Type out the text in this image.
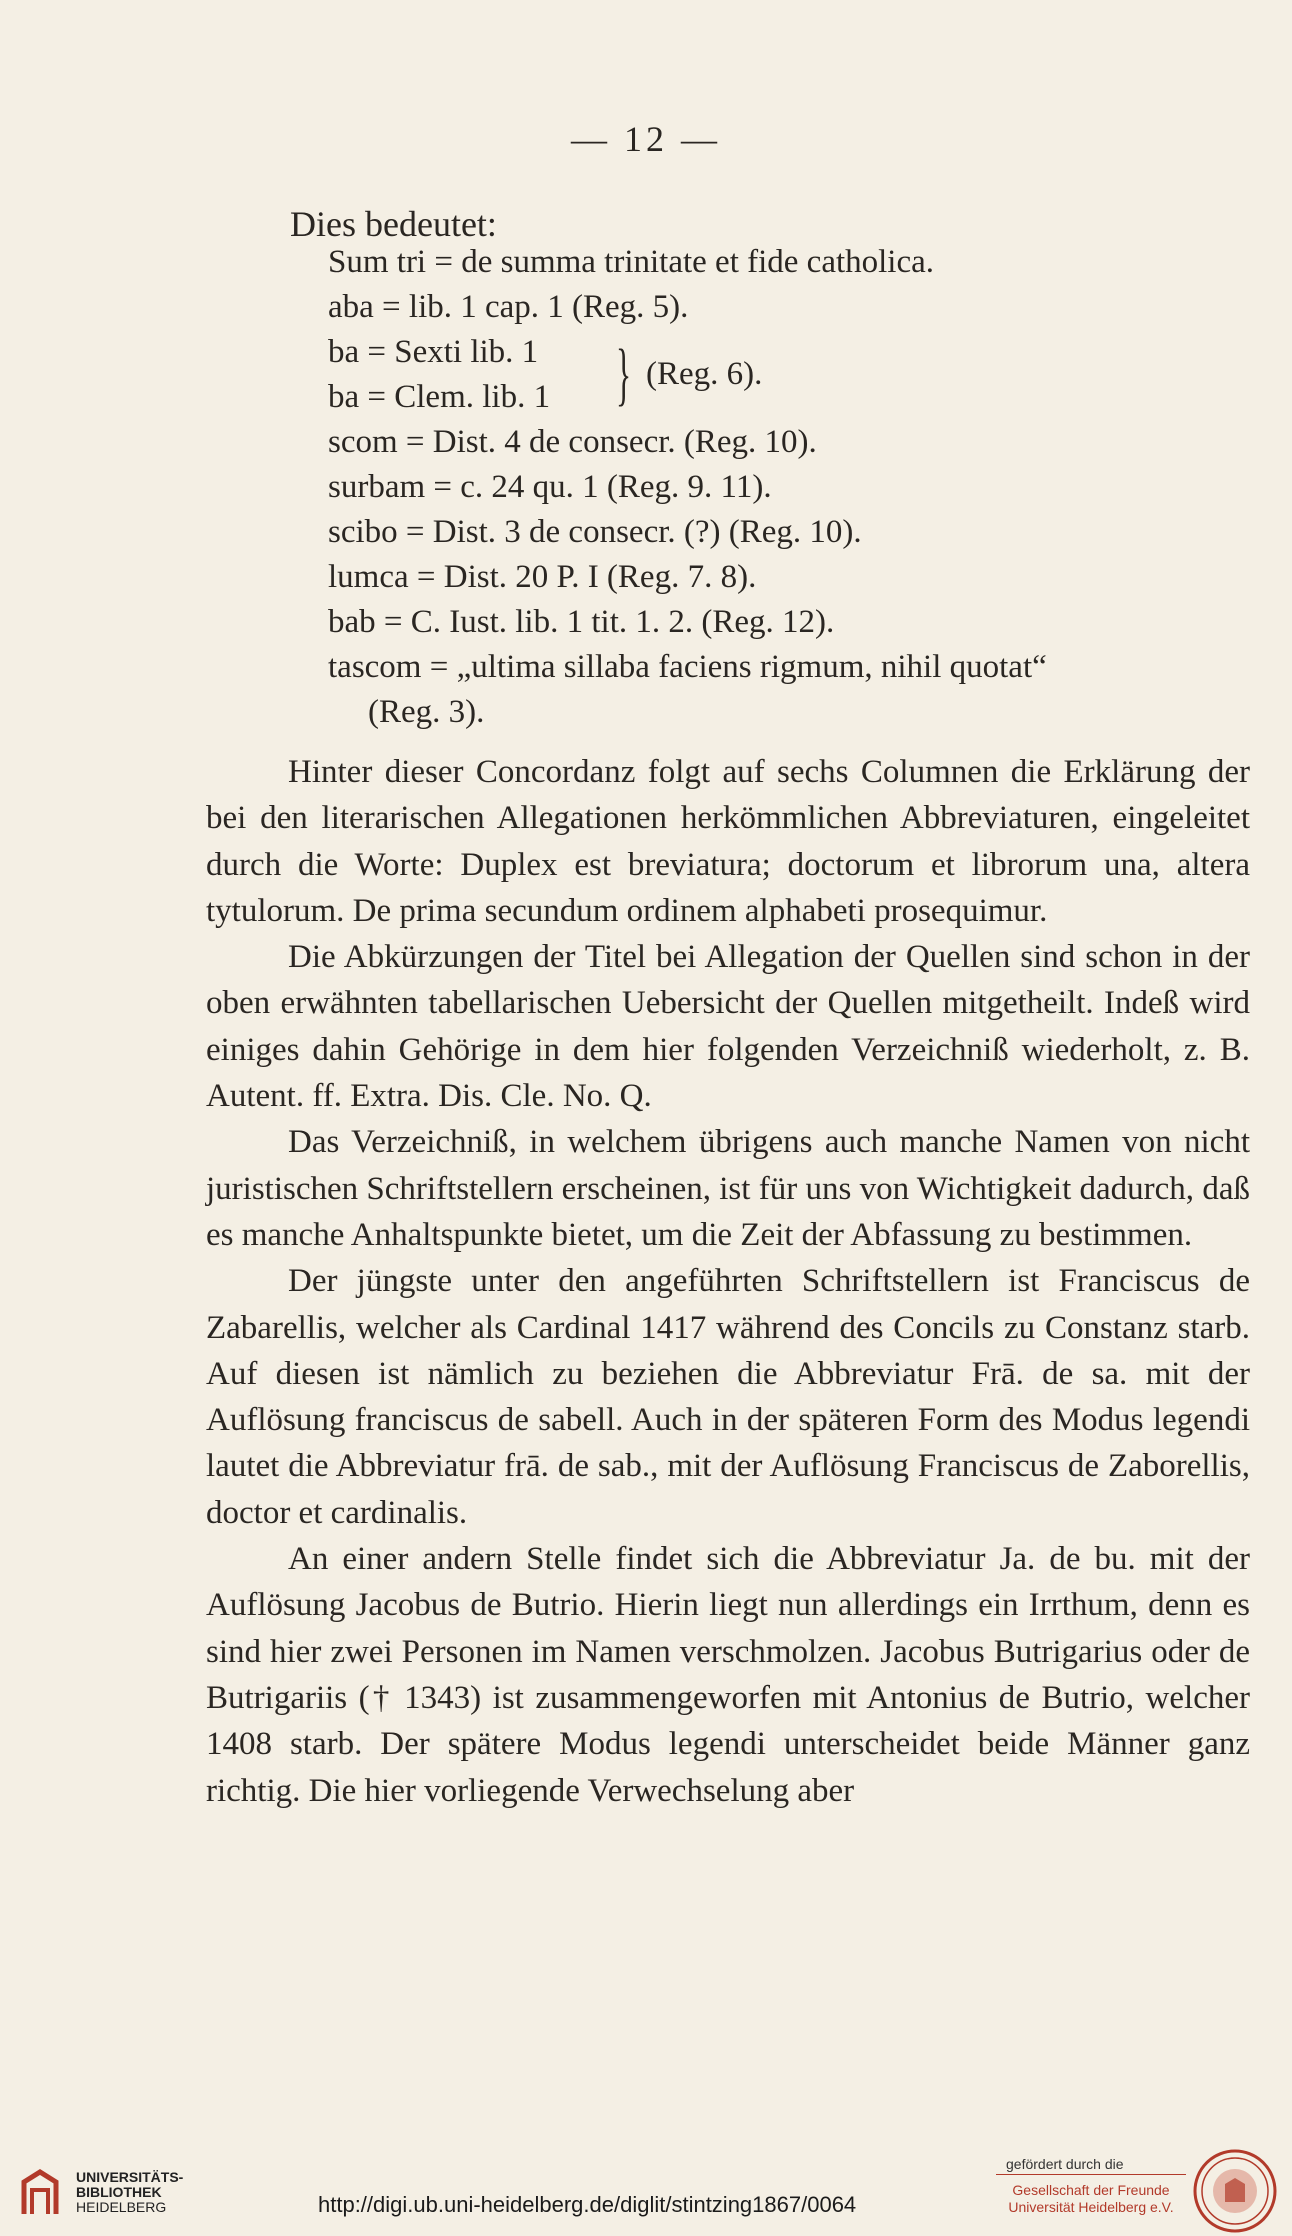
— 12 —
Dies bedeutet:
Sum tri = de summa trinitate et fide catholica.
aba = lib. 1 cap. 1 (Reg. 5).
ba = Sexti lib. 1
ba = Clem. lib. 1 } (Reg. 6).
scom = Dist. 4 de consecr. (Reg. 10).
surbam = c. 24 qu. 1 (Reg. 9. 11).
scibo = Dist. 3 de consecr. (?) (Reg. 10).
lumca = Dist. 20 P. I (Reg. 7. 8).
bab = C. Iust. lib. 1 tit. 1. 2. (Reg. 12).
tascom = „ultima sillaba faciens rigmum, nihil quotat“
(Reg. 3).

Hinter dieser Concordanz folgt auf sechs Columnen die Erklärung der bei den literarischen Allegationen herkömmlichen Abbreviaturen, eingeleitet durch die Worte: Duplex est breviatura; doctorum et librorum una, altera tytulorum. De prima secundum ordinem alphabeti prosequimur.

Die Abkürzungen der Titel bei Allegation der Quellen sind schon in der oben erwähnten tabellarischen Uebersicht der Quellen mitgetheilt. Indeß wird einiges dahin Gehörige in dem hier folgenden Verzeichniß wiederholt, z. B. Autent. ff. Extra. Dis. Cle. No. Q.

Das Verzeichniß, in welchem übrigens auch manche Namen von nicht juristischen Schriftstellern erscheinen, ist für uns von Wichtigkeit dadurch, daß es manche Anhaltspunkte bietet, um die Zeit der Abfassung zu bestimmen.

Der jüngste unter den angeführten Schriftstellern ist Franciscus de Zabarellis, welcher als Cardinal 1417 während des Concils zu Constanz starb. Auf diesen ist nämlich zu beziehen die Abbreviatur Frā. de sa. mit der Auflösung franciscus de sabell. Auch in der späteren Form des Modus legendi lautet die Abbreviatur frā. de sab., mit der Auflösung Franciscus de Zaborellis, doctor et cardinalis.

An einer andern Stelle findet sich die Abbreviatur Ja. de bu. mit der Auflösung Jacobus de Butrio. Hierin liegt nun allerdings ein Irrthum, denn es sind hier zwei Personen im Namen verschmolzen. Jacobus Butrigarius oder de Butrigariis († 1343) ist zusammengeworfen mit Antonius de Butrio, welcher 1408 starb. Der spätere Modus legendi unterscheidet beide Männer ganz richtig. Die hier vorliegende Verwechselung aber

UNIVERSITÄTS-
BIBLIOTHEK
HEIDELBERG	http://digi.ub.uni-heidelberg.de/diglit/stintzing1867/0064
gefördert durch die
Gesellschaft der Freunde
Universität Heidelberg e.V.
